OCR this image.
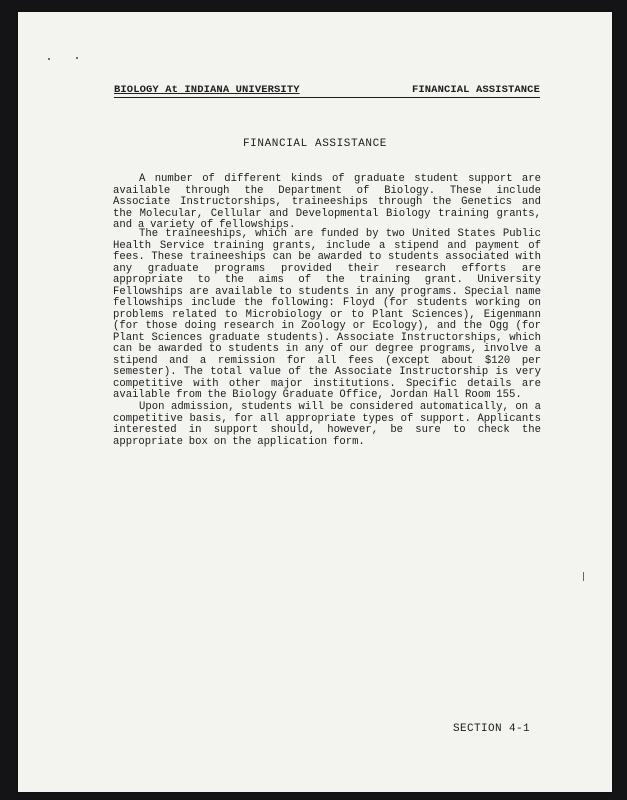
BIOLOGY At INDIANA UNIVERSITY	FINANCIAL ASSISTANCE
FINANCIAL ASSISTANCE

A number of different kinds of graduate student support are available through the Department of Biology. These include Associate Instructorships, traineeships through the Genetics and the Molecular, Cellular and Developmental Biology training grants, and a variety of fellowships.

The traineeships, which are funded by two United States Public Health Service training grants, include a stipend and payment of fees. These traineeships can be awarded to students associated with any graduate programs provided their research efforts are appropriate to the aims of the training grant. University Fellowships are available to students in any programs. Special name fellowships include the following: Floyd (for students working on problems related to Microbiology or to Plant Sciences), Eigenmann (for those doing research in Zoology or Ecology), and the Ogg (for Plant Sciences graduate students). Associate Instructorships, which can be awarded to students in any of our degree programs, involve a stipend and a remission for all fees (except about $120 per semester). The total value of the Associate Instructorship is very competitive with other major institutions. Specific details are available from the Biology Graduate Office, Jordan Hall Room 155.

Upon admission, students will be considered automatically, on a competitive basis, for all appropriate types of support. Applicants interested in support should, however, be sure to check the appropriate box on the application form.

SECTION 4-1
